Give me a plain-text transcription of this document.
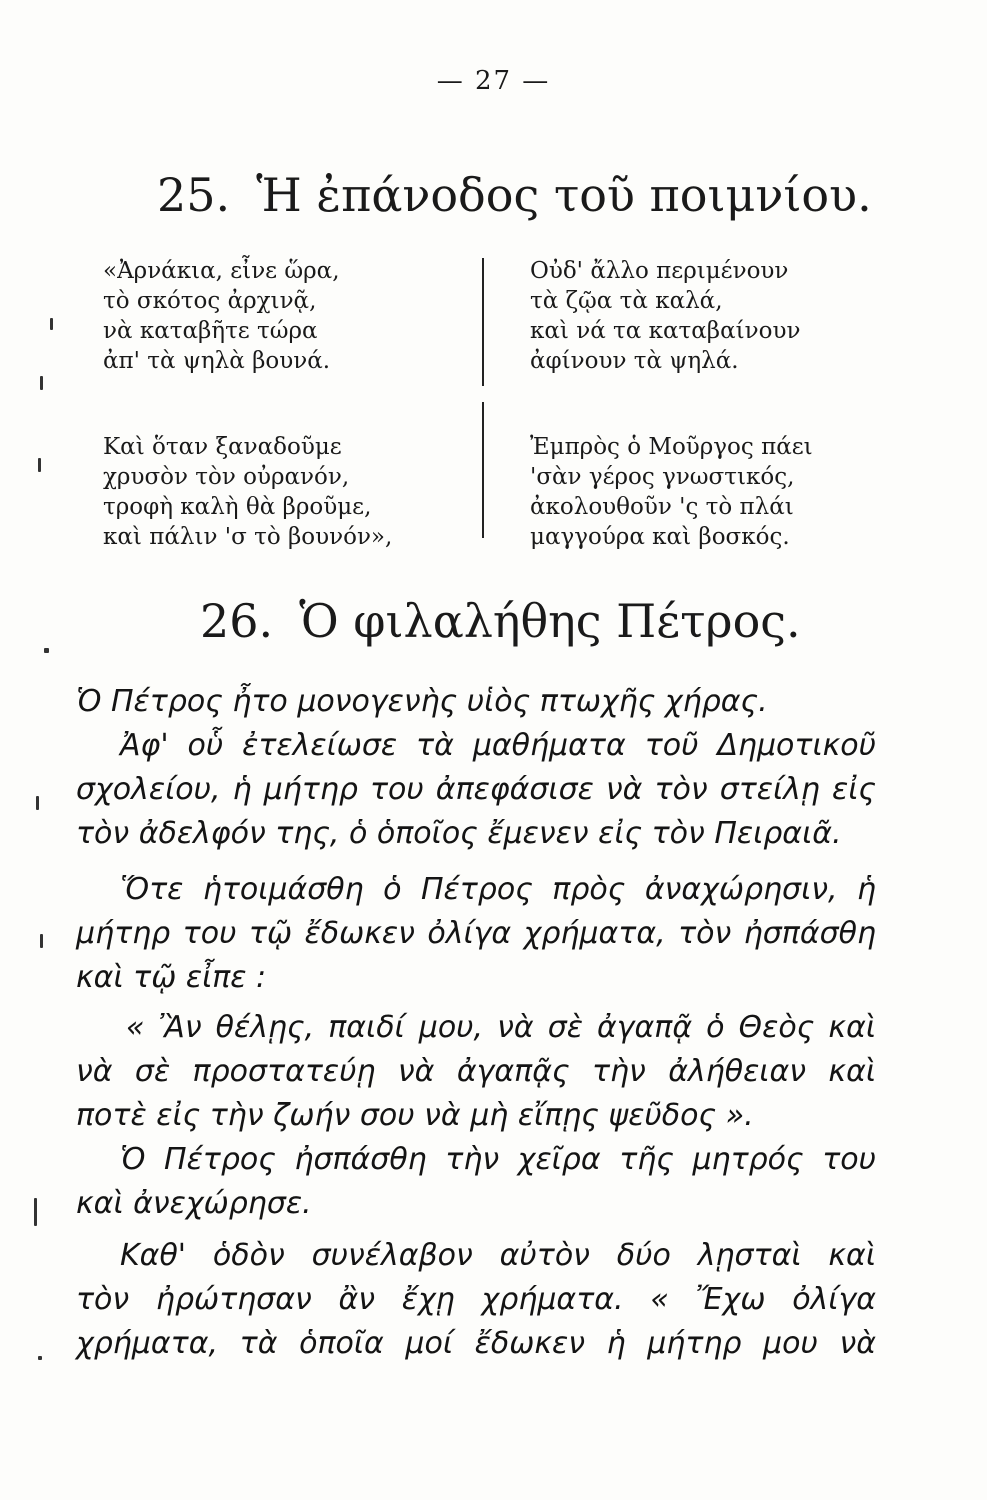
— 27 —
25. Ἡ ἐπάνοδος τοῦ ποιμνίου.
«Ἀρνάκια, εἶνε ὥρα,
τὸ σκότος ἀρχινᾷ,
νὰ καταβῆτε τώρα
ἀπ' τὰ ψηλὰ βουνά.
Καὶ ὅταν ξαναδοῦμε
χρυσὸν τὸν οὐρανόν,
τροφὴ καλὴ θὰ βροῦμε,
καὶ πάλιν 'σ τὸ βουνόν»,
Οὐδ' ἄλλο περιμένουν
τὰ ζῷα τὰ καλά,
καὶ νά τα καταβαίνουν
ἀφίνουν τὰ ψηλά.
Ἐμπρὸς ὁ Μοῦργος πάει
'σὰν γέρος γνωστικός,
ἀκολουθοῦν 'ς τὸ πλάι
μαγγούρα καὶ βοσκός.
26. Ὁ φιλαλήθης Πέτρος.
Ὁ Πέτρος ἦτο μονογενὴς υἱὸς πτωχῆς χήρας.
Ἀφ' οὗ ἐτελείωσε τὰ μαθήματα τοῦ Δημοτικοῦ
σχολείου, ἡ μήτηρ του ἀπεφάσισε νὰ τὸν στείλῃ εἰς
τὸν ἀδελφόν της, ὁ ὁποῖος ἔμενεν εἰς τὸν Πειραιᾶ.
Ὅτε ἡτοιμάσθη ὁ Πέτρος πρὸς ἀναχώρησιν, ἡ
μήτηρ του τῷ ἔδωκεν ὀλίγα χρήματα, τὸν ἠσπάσθη
καὶ τῷ εἶπε :
« Ἂν θέλῃς, παιδί μου, νὰ σὲ ἀγαπᾷ ὁ Θεὸς καὶ
νὰ σὲ προστατεύῃ νὰ ἀγαπᾷς τὴν ἀλήθειαν καὶ
ποτὲ εἰς τὴν ζωήν σου νὰ μὴ εἴπῃς ψεῦδος ».
Ὁ Πέτρος ἠσπάσθη τὴν χεῖρα τῆς μητρός του
καὶ ἀνεχώρησε.
Καθ' ὁδὸν συνέλαβον αὐτὸν δύο λῃσταὶ καὶ
τὸν ἠρώτησαν ἂν ἔχῃ χρήματα. « Ἔχω ὀλίγα
χρήματα, τὰ ὁποῖα μοί ἔδωκεν ἡ μήτηρ μου νὰ
